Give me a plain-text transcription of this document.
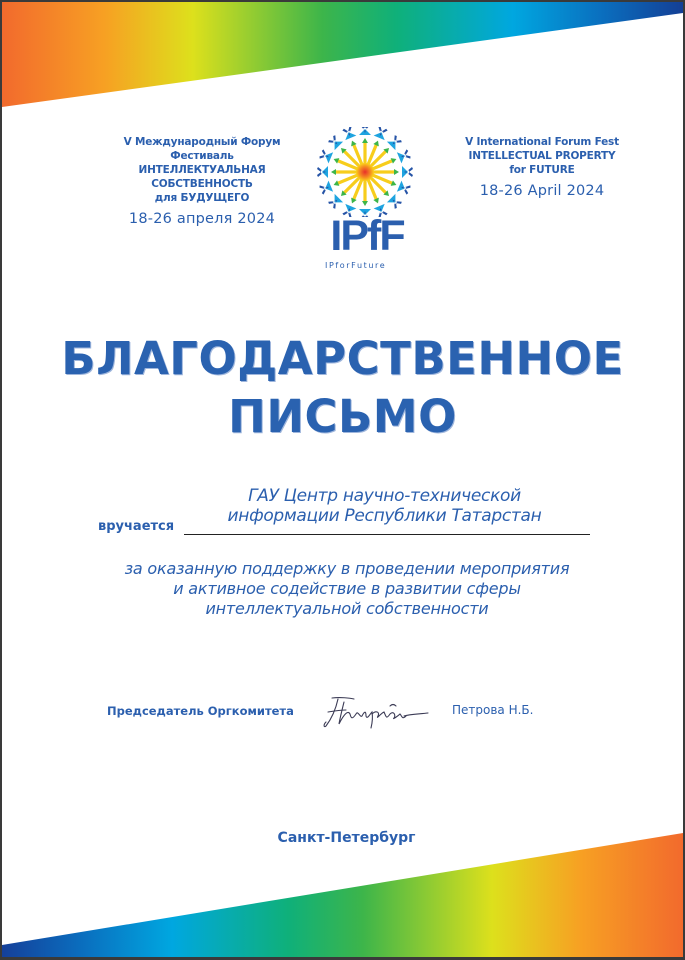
V Международный Форум Фестиваль
ИНТЕЛЛЕКТУАЛЬНАЯ СОБСТВЕННОСТЬ
для БУДУЩЕГО
18-26 апреля 2024
V International Forum Fest
INTELLECTUAL PROPERTY
for FUTURE
18-26 April 2024
IPfF
IPforFuture
БЛАГОДАРСТВЕННОЕ
ПИСЬМО
вручается
ГАУ Центр научно-технической
информации Республики Татарстан
за оказанную поддержку в проведении мероприятия
и активное содействие в развитии сферы
интеллектуальной собственности
Председатель Оргкомитета	Петрова Н.Б.
Санкт-Петербург
